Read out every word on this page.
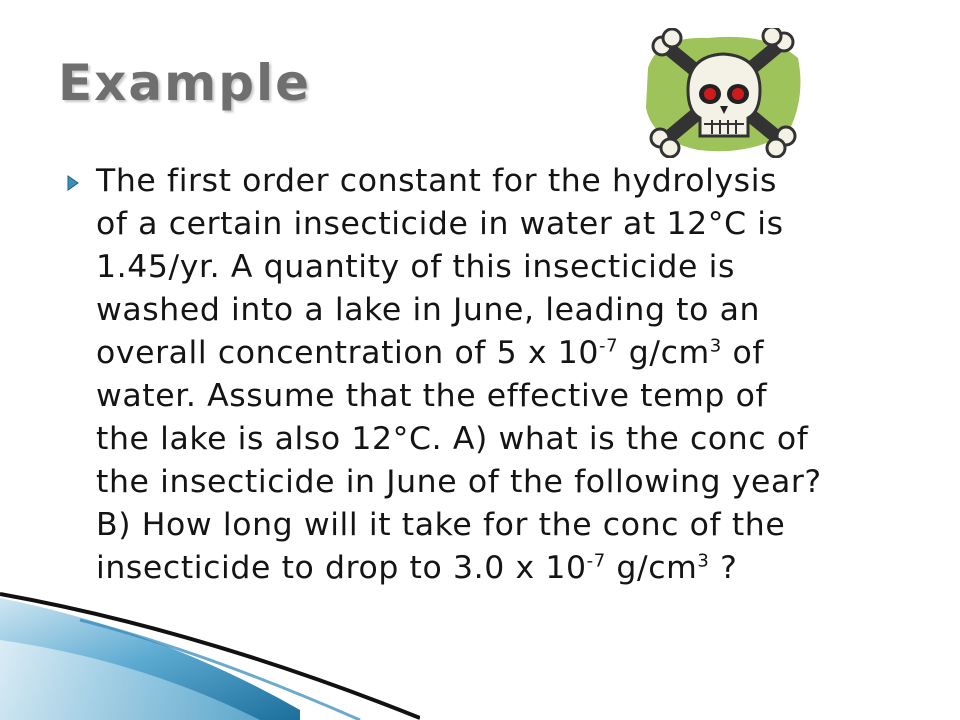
Example
The first order constant for the hydrolysis
of a certain insecticide in water at 12°C is
1.45/yr. A quantity of this insecticide is
washed into a lake in June, leading to an
overall concentration of 5 x $10^{-7}$ $g/cm^3$ of
water. Assume that the effective temp of
the lake is also 12°C. A) what is the conc of
the insecticide in June of the following year?
B) How long will it take for the conc of the
insecticide to drop to 3.0 x $10^{-7}$ $g/cm^3$ ?
